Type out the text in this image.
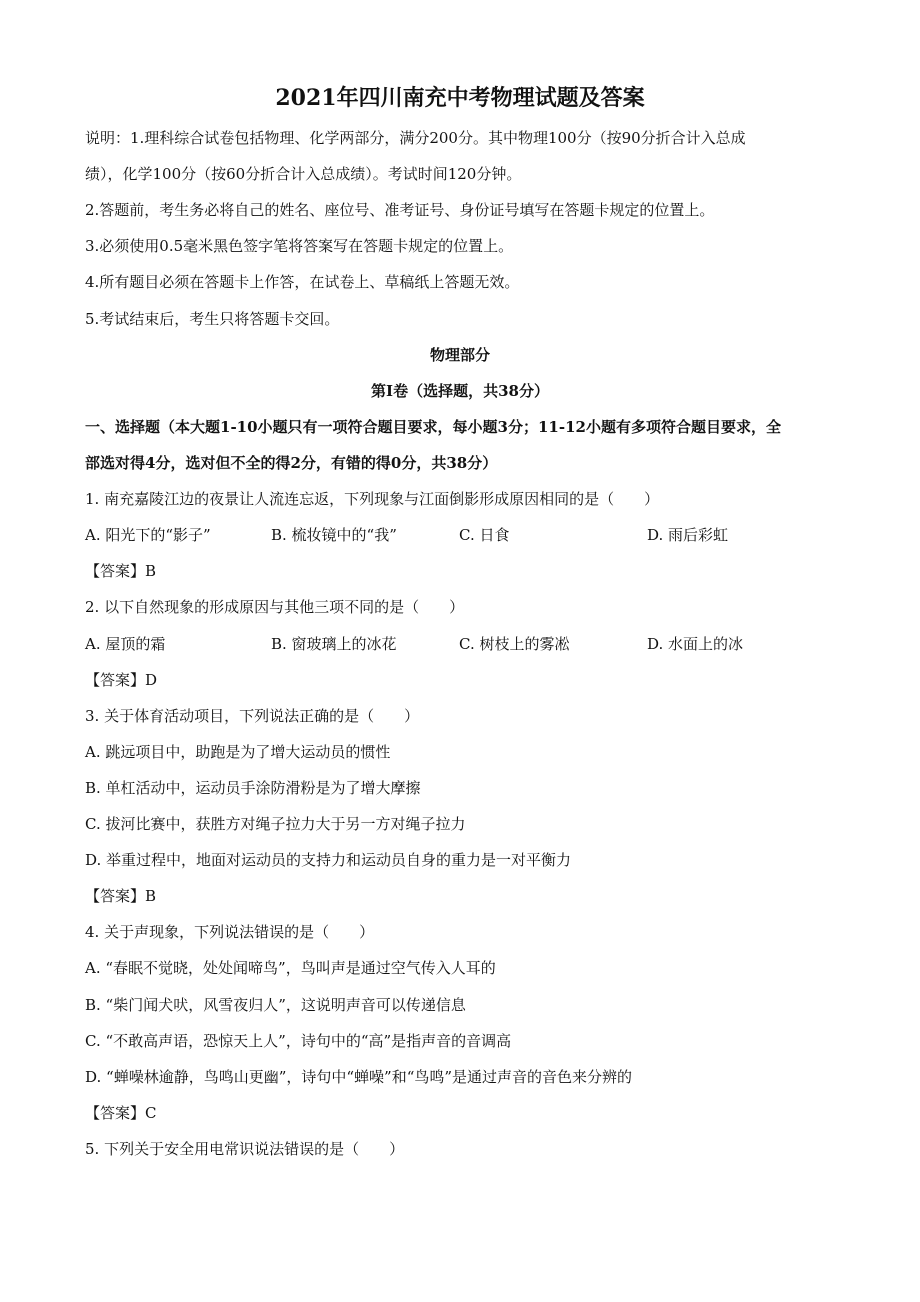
2021年四川南充中考物理试题及答案
说明：1.理科综合试卷包括物理、化学两部分，满分200分。其中物理100分（按90分折合计入总成
绩），化学100分（按60分折合计入总成绩）。考试时间120分钟。
2.答题前，考生务必将自己的姓名、座位号、准考证号、身份证号填写在答题卡规定的位置上。
3.必须使用0.5毫米黑色签字笔将答案写在答题卡规定的位置上。
4.所有题目必须在答题卡上作答，在试卷上、草稿纸上答题无效。
5.考试结束后，考生只将答题卡交回。
物理部分
第Ⅰ卷（选择题，共38分）
一、选择题（本大题1-10小题只有一项符合题目要求，每小题3分；11-12小题有多项符合题目要求，全
部选对得4分，选对但不全的得2分，有错的得0分，共38分）
1. 南充嘉陵江边的夜景让人流连忘返，下列现象与江面倒影形成原因相同的是（　　）
A. 阳光下的“影子”	B. 梳妆镜中的“我”	C. 日食	D. 雨后彩虹
【答案】B
2. 以下自然现象的形成原因与其他三项不同的是（　　）
A. 屋顶的霜	B. 窗玻璃上的冰花	C. 树枝上的雾凇	D. 水面上的冰
【答案】D
3. 关于体育活动项目，下列说法正确的是（　　）
A. 跳远项目中，助跑是为了增大运动员的惯性
B. 单杠活动中，运动员手涂防滑粉是为了增大摩擦
C. 拔河比赛中，获胜方对绳子拉力大于另一方对绳子拉力
D. 举重过程中，地面对运动员的支持力和运动员自身的重力是一对平衡力
【答案】B
4. 关于声现象，下列说法错误的是（　　）
A. “春眠不觉晓，处处闻啼鸟”，鸟叫声是通过空气传入人耳的
B. “柴门闻犬吠，风雪夜归人”，这说明声音可以传递信息
C. “不敢高声语，恐惊天上人”，诗句中的“高”是指声音的音调高
D. “蝉噪林逾静，鸟鸣山更幽”，诗句中“蝉噪”和“鸟鸣”是通过声音的音色来分辨的
【答案】C
5. 下列关于安全用电常识说法错误的是（　　）
